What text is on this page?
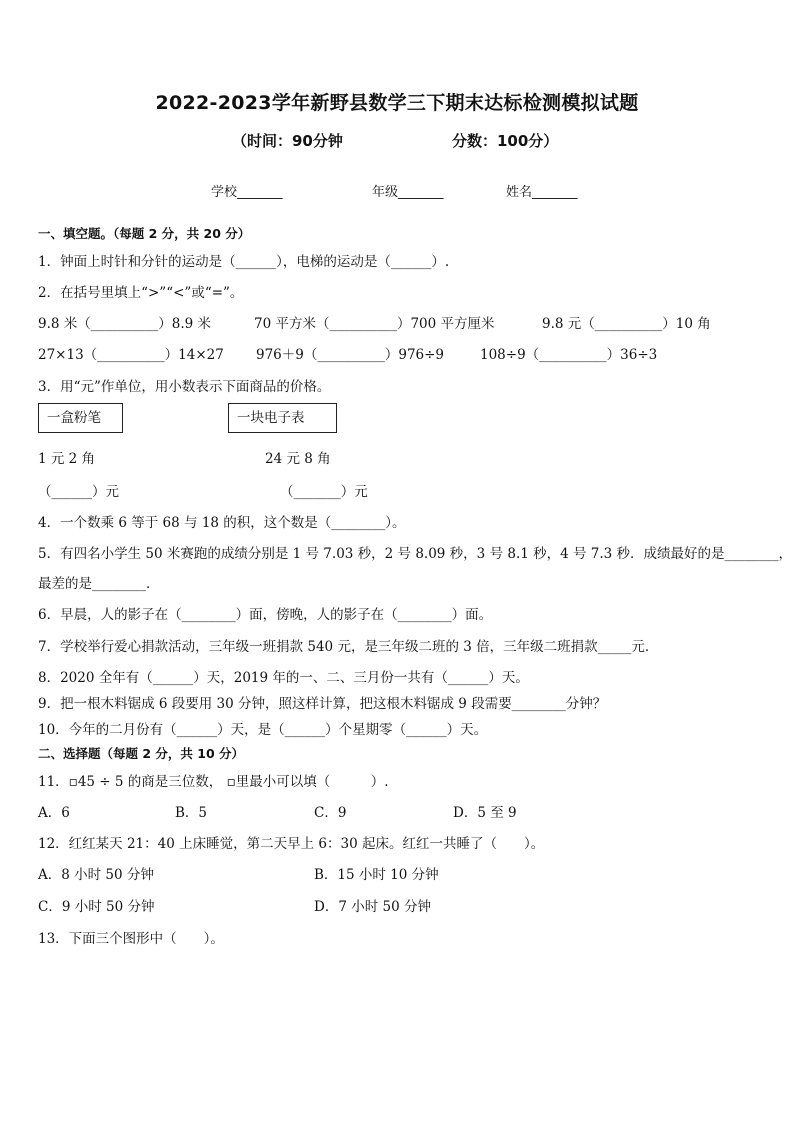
2022-2023学年新野县数学三下期末达标检测模拟试题
（时间：90分钟	分数：100分）
学校_______	年级_______	姓名_______
一、填空题。（每题 2 分，共 20 分）
1．钟面上时针和分针的运动是（______），电梯的运动是（______）.
2．在括号里填上“>”“<”或“=”。
9.8 米（__________）8.9 米	70 平方米（__________）700 平方厘米	9.8 元（__________）10 角
27×13（__________）14×27 976＋9（__________）976÷9	108÷9（__________）36÷3
3．用“元”作单位，用小数表示下面商品的价格。
一盒粉笔	一块电子表
1 元 2 角	24 元 8 角
（______）元	（_______）元
4．一个数乘 6 等于 68 与 18 的积，这个数是（________）。
5．有四名小学生 50 米赛跑的成绩分别是 1 号 7.03 秒，2 号 8.09 秒，3 号 8.1 秒，4 号 7.3 秒．成绩最好的是________，
最差的是________．
6．早晨，人的影子在（________）面，傍晚，人的影子在（________）面。
7．学校举行爱心捐款活动，三年级一班捐款 540 元，是三年级二班的 3 倍，三年级二班捐款_____元．
8．2020 全年有（______）天，2019 年的一、二、三月份一共有（______）天。
9．把一根木料锯成 6 段要用 30 分钟，照这样计算，把这根木料锯成 9 段需要________分钟？
10．今年的二月份有（______）天，是（______）个星期零（______）天。
二、选择题（每题 2 分，共 10 分）
11．▫45 ÷ 5 的商是三位数， ▫里最小可以填（　　　）.
A．6	B．5	C．9	D．5 至 9
12．红红某天 21：40 上床睡觉，第二天早上 6：30 起床。红红一共睡了（　　）。
A．8 小时 50 分钟	B．15 小时 10 分钟
C．9 小时 50 分钟	D．7 小时 50 分钟
13．下面三个图形中（　　）。
